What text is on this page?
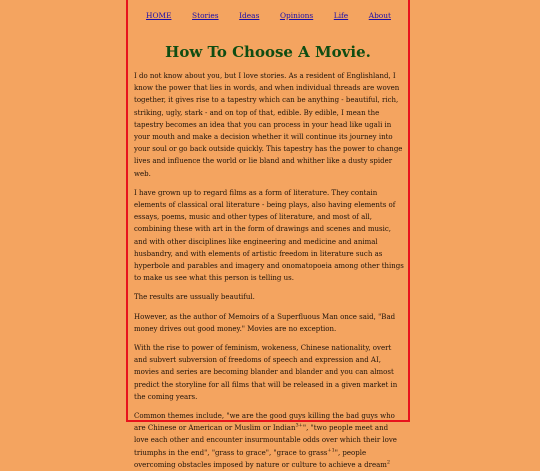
HOME	Stories	Ideas	Opinions	Life	About
How To Choose A Movie.

I do not know about you, but I love stories. As a resident of Englishland, I know the power that lies in words, and when individual threads are woven together, it gives rise to a tapestry which can be anything - beautiful, rich, striking, ugly, stark - and on top of that, edible. By edible, I mean the tapestry becomes an idea that you can process in your head like ugali in your mouth and make a decision whether it will continue its journey into your soul or go back outside quickly. This tapestry has the power to change lives and influence the world or lie bland and whither like a dusty spider web.

I have grown up to regard films as a form of literature. They contain elements of classical oral literature - being plays, also having elements of essays, poems, music and other types of literature, and most of all, combining these with art in the form of drawings and scenes and music, and with other disciplines like engineering and medicine and animal husbandry, and with elements of artistic freedom in literature such as hyperbole and parables and imagery and onomatopoeia among other things to make us see what this person is telling us.

The results are ussually beautiful.

However, as the author of Memoirs of a Superfluous Man once said, "Bad money drives out good money." Movies are no exception.

With the rise to power of feminism, wokeness, Chinese nationality, overt and subvert subversion of freedoms of speech and expression and AI, movies and series are becoming blander and blander and you can almost predict the storyline for all films that will be released in a given market in the coming years.

Common themes include, "we are the good guys killing the bad guys who are Chinese or American or Muslim or Indian$^{3+}$", "two people meet and love each other and encounter insurmountable odds over which their love triumphs in the end", "grass to grace", "grace to grass$^{+1}$", people overcoming obstacles imposed by nature or culture to achieve a dream$^2$
